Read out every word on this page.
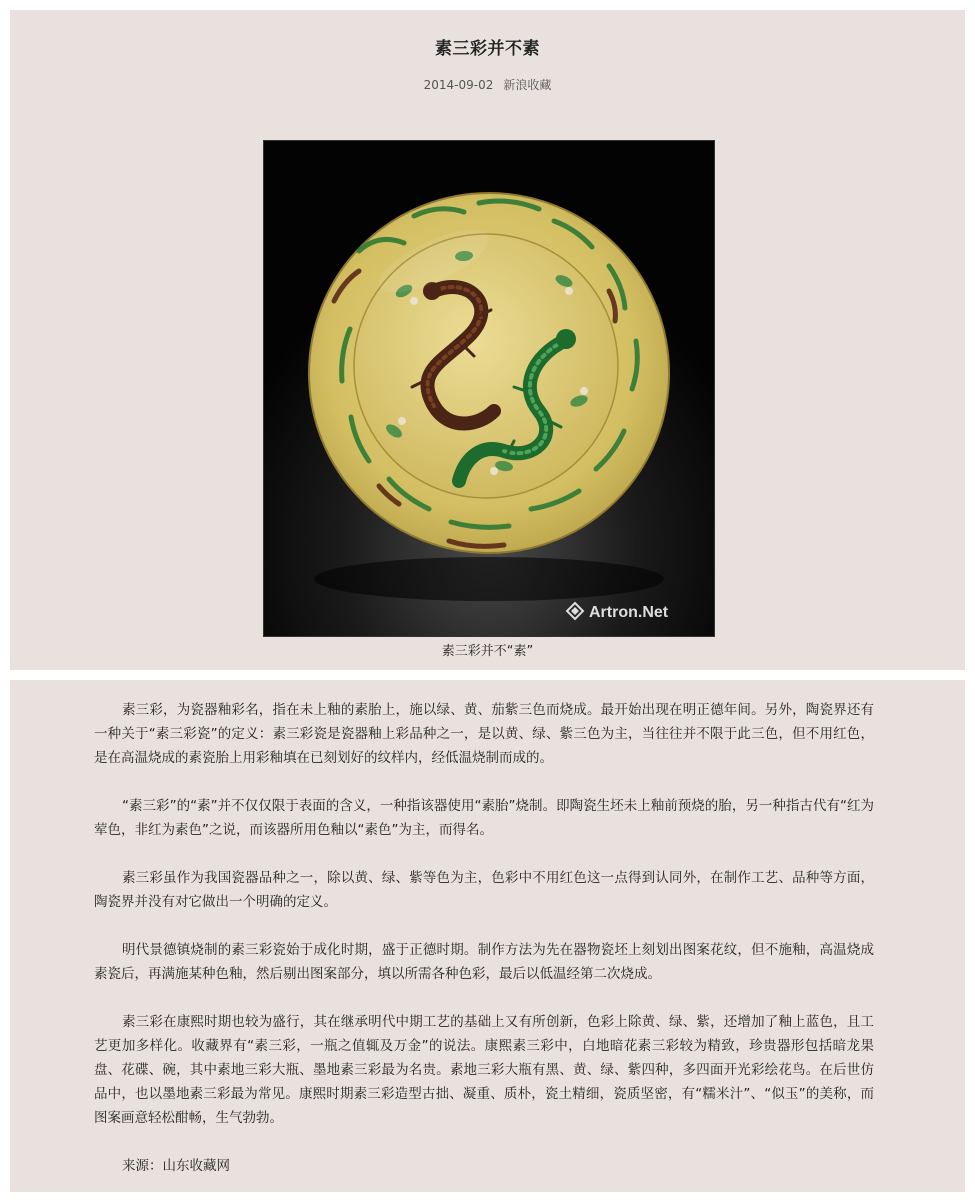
素三彩并不素
2014-09-02 新浪收藏
Artron.Net
素三彩并不“素”

素三彩，为瓷器釉彩名，指在未上釉的素胎上，施以绿、黄、茄紫三色而烧成。最开始出现在明正德年间。另外，陶瓷界还有一种关于“素三彩瓷”的定义：素三彩瓷是瓷器釉上彩品种之一，是以黄、绿、紫三色为主，当往往并不限于此三色，但不用红色，是在高温烧成的素瓷胎上用彩釉填在已刻划好的纹样内，经低温烧制而成的。

“素三彩”的“素”并不仅仅限于表面的含义，一种指该器使用“素胎”烧制。即陶瓷生坯未上釉前预烧的胎，另一种指古代有“红为荤色，非红为素色”之说，而该器所用色釉以“素色”为主，而得名。

素三彩虽作为我国瓷器品种之一，除以黄、绿、紫等色为主，色彩中不用红色这一点得到认同外，在制作工艺、品种等方面，陶瓷界并没有对它做出一个明确的定义。

明代景德镇烧制的素三彩瓷始于成化时期，盛于正德时期。制作方法为先在器物瓷坯上刻划出图案花纹，但不施釉，高温烧成素瓷后，再满施某种色釉，然后剔出图案部分，填以所需各种色彩，最后以低温经第二次烧成。

素三彩在康熙时期也较为盛行，其在继承明代中期工艺的基础上又有所创新，色彩上除黄、绿、紫，还增加了釉上蓝色，且工艺更加多样化。收藏界有“素三彩，一瓶之值辄及万金”的说法。康熙素三彩中，白地暗花素三彩较为精致，珍贵器形包括暗龙果盘、花碟、碗，其中素地三彩大瓶、墨地素三彩最为名贵。素地三彩大瓶有黑、黄、绿、紫四种，多四面开光彩绘花鸟。在后世仿品中，也以墨地素三彩最为常见。康熙时期素三彩造型古拙、凝重、质朴，瓷土精细，瓷质坚密，有“糯米汁”、“似玉”的美称，而图案画意轻松酣畅，生气勃勃。

来源：山东收藏网
